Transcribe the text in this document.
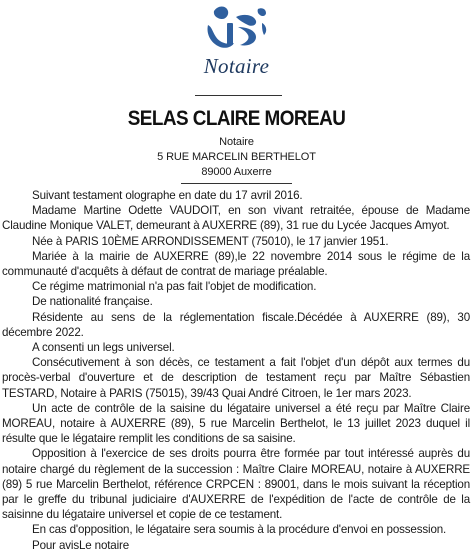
Notaire
SELAS CLAIRE MOREAU
Notaire
5 RUE MARCELIN BERTHELOT
89000 Auxerre

Suivant testament olographe en date du 17 avril 2016.

Madame Martine Odette VAUDOIT, en son vivant retraitée, épouse de Madame Claudine Monique VALET, demeurant à AUXERRE (89), 31 rue du Lycée Jacques Amyot.

Née à PARIS 10ÈME ARRONDISSEMENT (75010), le 17 janvier 1951.

Mariée à la mairie de AUXERRE (89),le 22 novembre 2014 sous le régime de la communauté d'acquêts à défaut de contrat de mariage préalable.

Ce régime matrimonial n'a pas fait l'objet de modification.

De nationalité française.

Résidente au sens de la réglementation fiscale.Décédée à AUXERRE (89), 30 décembre 2022.

A consenti un legs universel.

Consécutivement à son décès, ce testament a fait l'objet d'un dépôt aux termes du procès-verbal d'ouverture et de description de testament reçu par Maître Sébastien TESTARD, Notaire à PARIS (75015), 39/43 Quai André Citroen, le 1er mars 2023.

Un acte de contrôle de la saisine du légataire universel a été reçu par Maître Claire MOREAU, notaire à AUXERRE (89), 5 rue Marcelin Berthelot, le 13 juillet 2023 duquel il résulte que le légataire remplit les conditions de sa saisine.

Opposition à l'exercice de ses droits pourra être formée par tout intéressé auprès du notaire chargé du règlement de la succession : Maître Claire MOREAU, notaire à AUXERRE (89) 5 rue Marcelin Berthelot, référence CRPCEN : 89001, dans le mois suivant la réception par le greffe du tribunal judiciaire d'AUXERRE de l'expédition de l'acte de contrôle de la saisinne du légataire universel et copie de ce testament.

En cas d'opposition, le légataire sera soumis à la procédure d'envoi en possession.

Pour avisLe notaire
